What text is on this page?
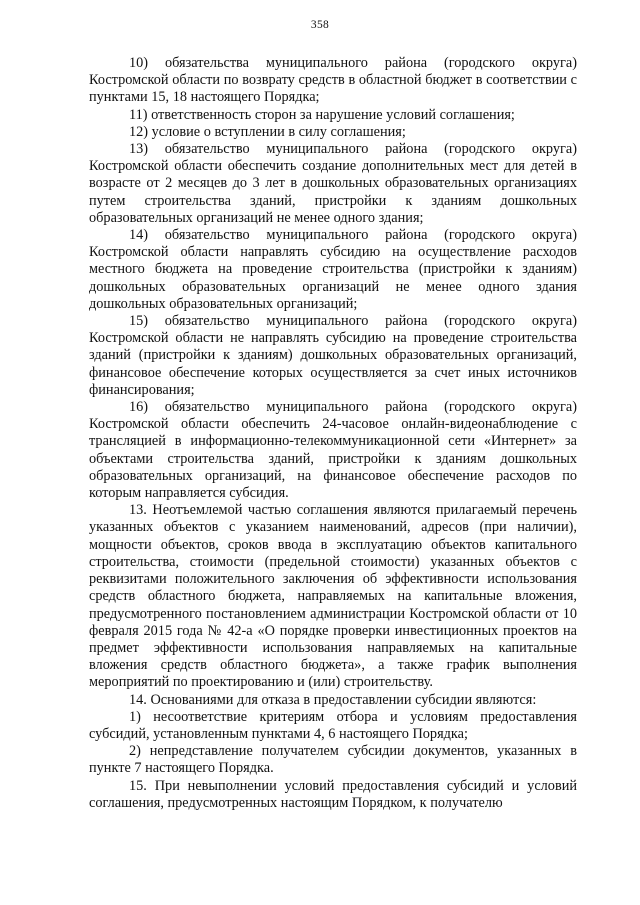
358

10) обязательства муниципального района (городского округа) Костромской области по возврату средств в областной бюджет в соответствии с пунктами 15, 18 настоящего Порядка;

11) ответственность сторон за нарушение условий соглашения;

12) условие о вступлении в силу соглашения;

13) обязательство муниципального района (городского округа) Костромской области обеспечить создание дополнительных мест для детей в возрасте от 2 месяцев до 3 лет в дошкольных образовательных организациях путем строительства зданий, пристройки к зданиям дошкольных образовательных организаций не менее одного здания;

14) обязательство муниципального района (городского округа) Костромской области направлять субсидию на осуществление расходов местного бюджета на проведение строительства (пристройки к зданиям) дошкольных образовательных организаций не менее одного здания дошкольных образовательных организаций;

15) обязательство муниципального района (городского округа) Костромской области не направлять субсидию на проведение строительства зданий (пристройки к зданиям) дошкольных образовательных организаций, финансовое обеспечение которых осуществляется за счет иных источников финансирования;

16) обязательство муниципального района (городского округа) Костромской области обеспечить 24-часовое онлайн-видеонаблюдение с трансляцией в информационно-телекоммуникационной сети «Интернет» за объектами строительства зданий, пристройки к зданиям дошкольных образовательных организаций, на финансовое обеспечение расходов по которым направляется субсидия.

13. Неотъемлемой частью соглашения являются прилагаемый перечень указанных объектов с указанием наименований, адресов (при наличии), мощности объектов, сроков ввода в эксплуатацию объектов капитального строительства, стоимости (предельной стоимости) указанных объектов с реквизитами положительного заключения об эффективности использования средств областного бюджета, направляемых на капитальные вложения, предусмотренного постановлением администрации Костромской области от 10 февраля 2015 года № 42-а «О порядке проверки инвестиционных проектов на предмет эффективности использования направляемых на капитальные вложения средств областного бюджета», а также график выполнения мероприятий по проектированию и (или) строительству.

14. Основаниями для отказа в предоставлении субсидии являются:

1) несоответствие критериям отбора и условиям предоставления субсидий, установленным пунктами 4, 6 настоящего Порядка;

2) непредставление получателем субсидии документов, указанных в пункте 7 настоящего Порядка.

15. При невыполнении условий предоставления субсидий и условий соглашения, предусмотренных настоящим Порядком, к получателю
